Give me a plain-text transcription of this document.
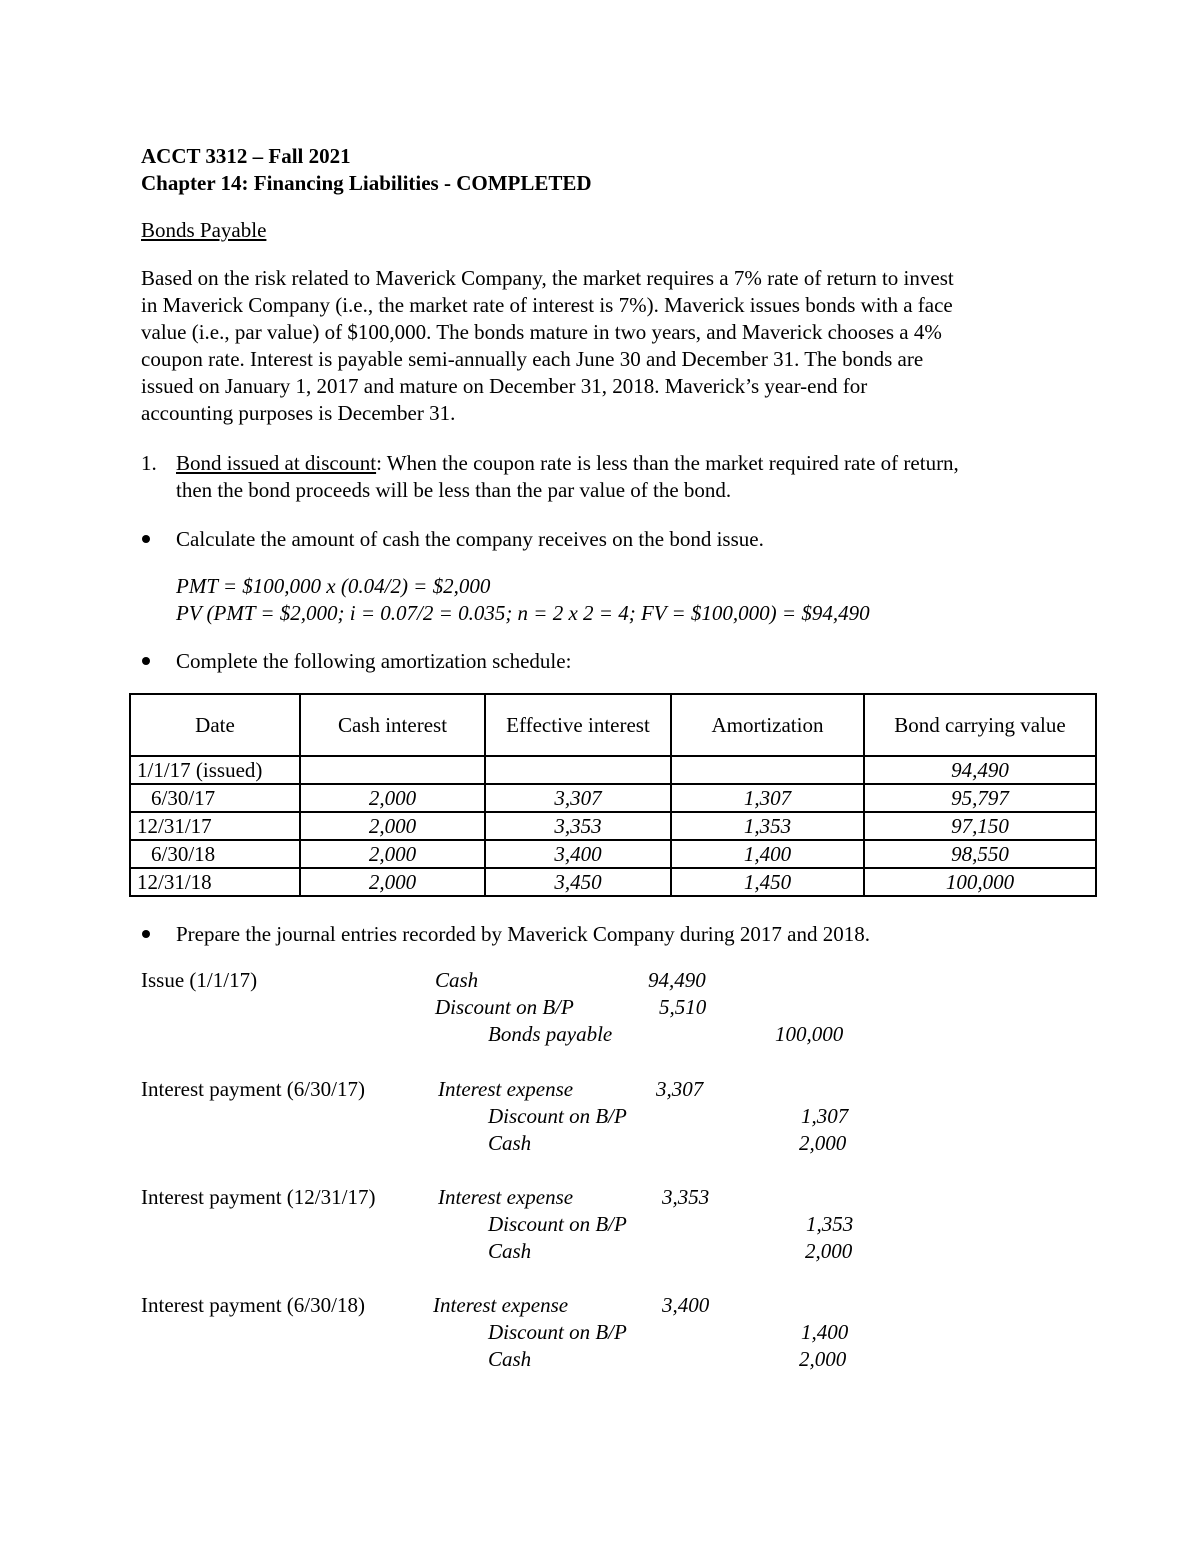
ACCT 3312 – Fall 2021
Chapter 14: Financing Liabilities - COMPLETED
Bonds Payable

Based on the risk related to Maverick Company, the market requires a 7% rate of return to invest

in Maverick Company (i.e., the market rate of interest is 7%). Maverick issues bonds with a face

value (i.e., par value) of $100,000. The bonds mature in two years, and Maverick chooses a 4%

coupon rate. Interest is payable semi-annually each June 30 and December 31. The bonds are

issued on January 1, 2017 and mature on December 31, 2018. Maverick’s year-end for

accounting purposes is December 31.

1. Bond issued at discount: When the coupon rate is less than the market required rate of return,
then the bond proceeds will be less than the par value of the bond.
Calculate the amount of cash the company receives on the bond issue.
PMT = $100,000 x (0.04/2) = $2,000
PV (PMT = $2,000; i = 0.07/2 = 0.035; n = 2 x 2 = 4; FV = $100,000) = $94,490
Complete the following amortization schedule:
Date	Cash interest	Effective interest	Amortization	Bond carrying value
1/1/17 (issued)				94,490
6/30/17	2,000	3,307	1,307	95,797
12/31/17	2,000	3,353	1,353	97,150
6/30/18	2,000	3,400	1,400	98,550
12/31/18	2,000	3,450	1,450	100,000
Prepare the journal entries recorded by Maverick Company during 2017 and 2018.
Issue (1/1/17)	Cash	94,490
Discount on B/P	5,510
Bonds payable	100,000
Interest payment (6/30/17)	Interest expense	3,307
Discount on B/P	1,307
Cash	2,000
Interest payment (12/31/17)	Interest expense	3,353
Discount on B/P	1,353
Cash	2,000
Interest payment (6/30/18)	Interest expense	3,400
Discount on B/P	1,400
Cash	2,000
